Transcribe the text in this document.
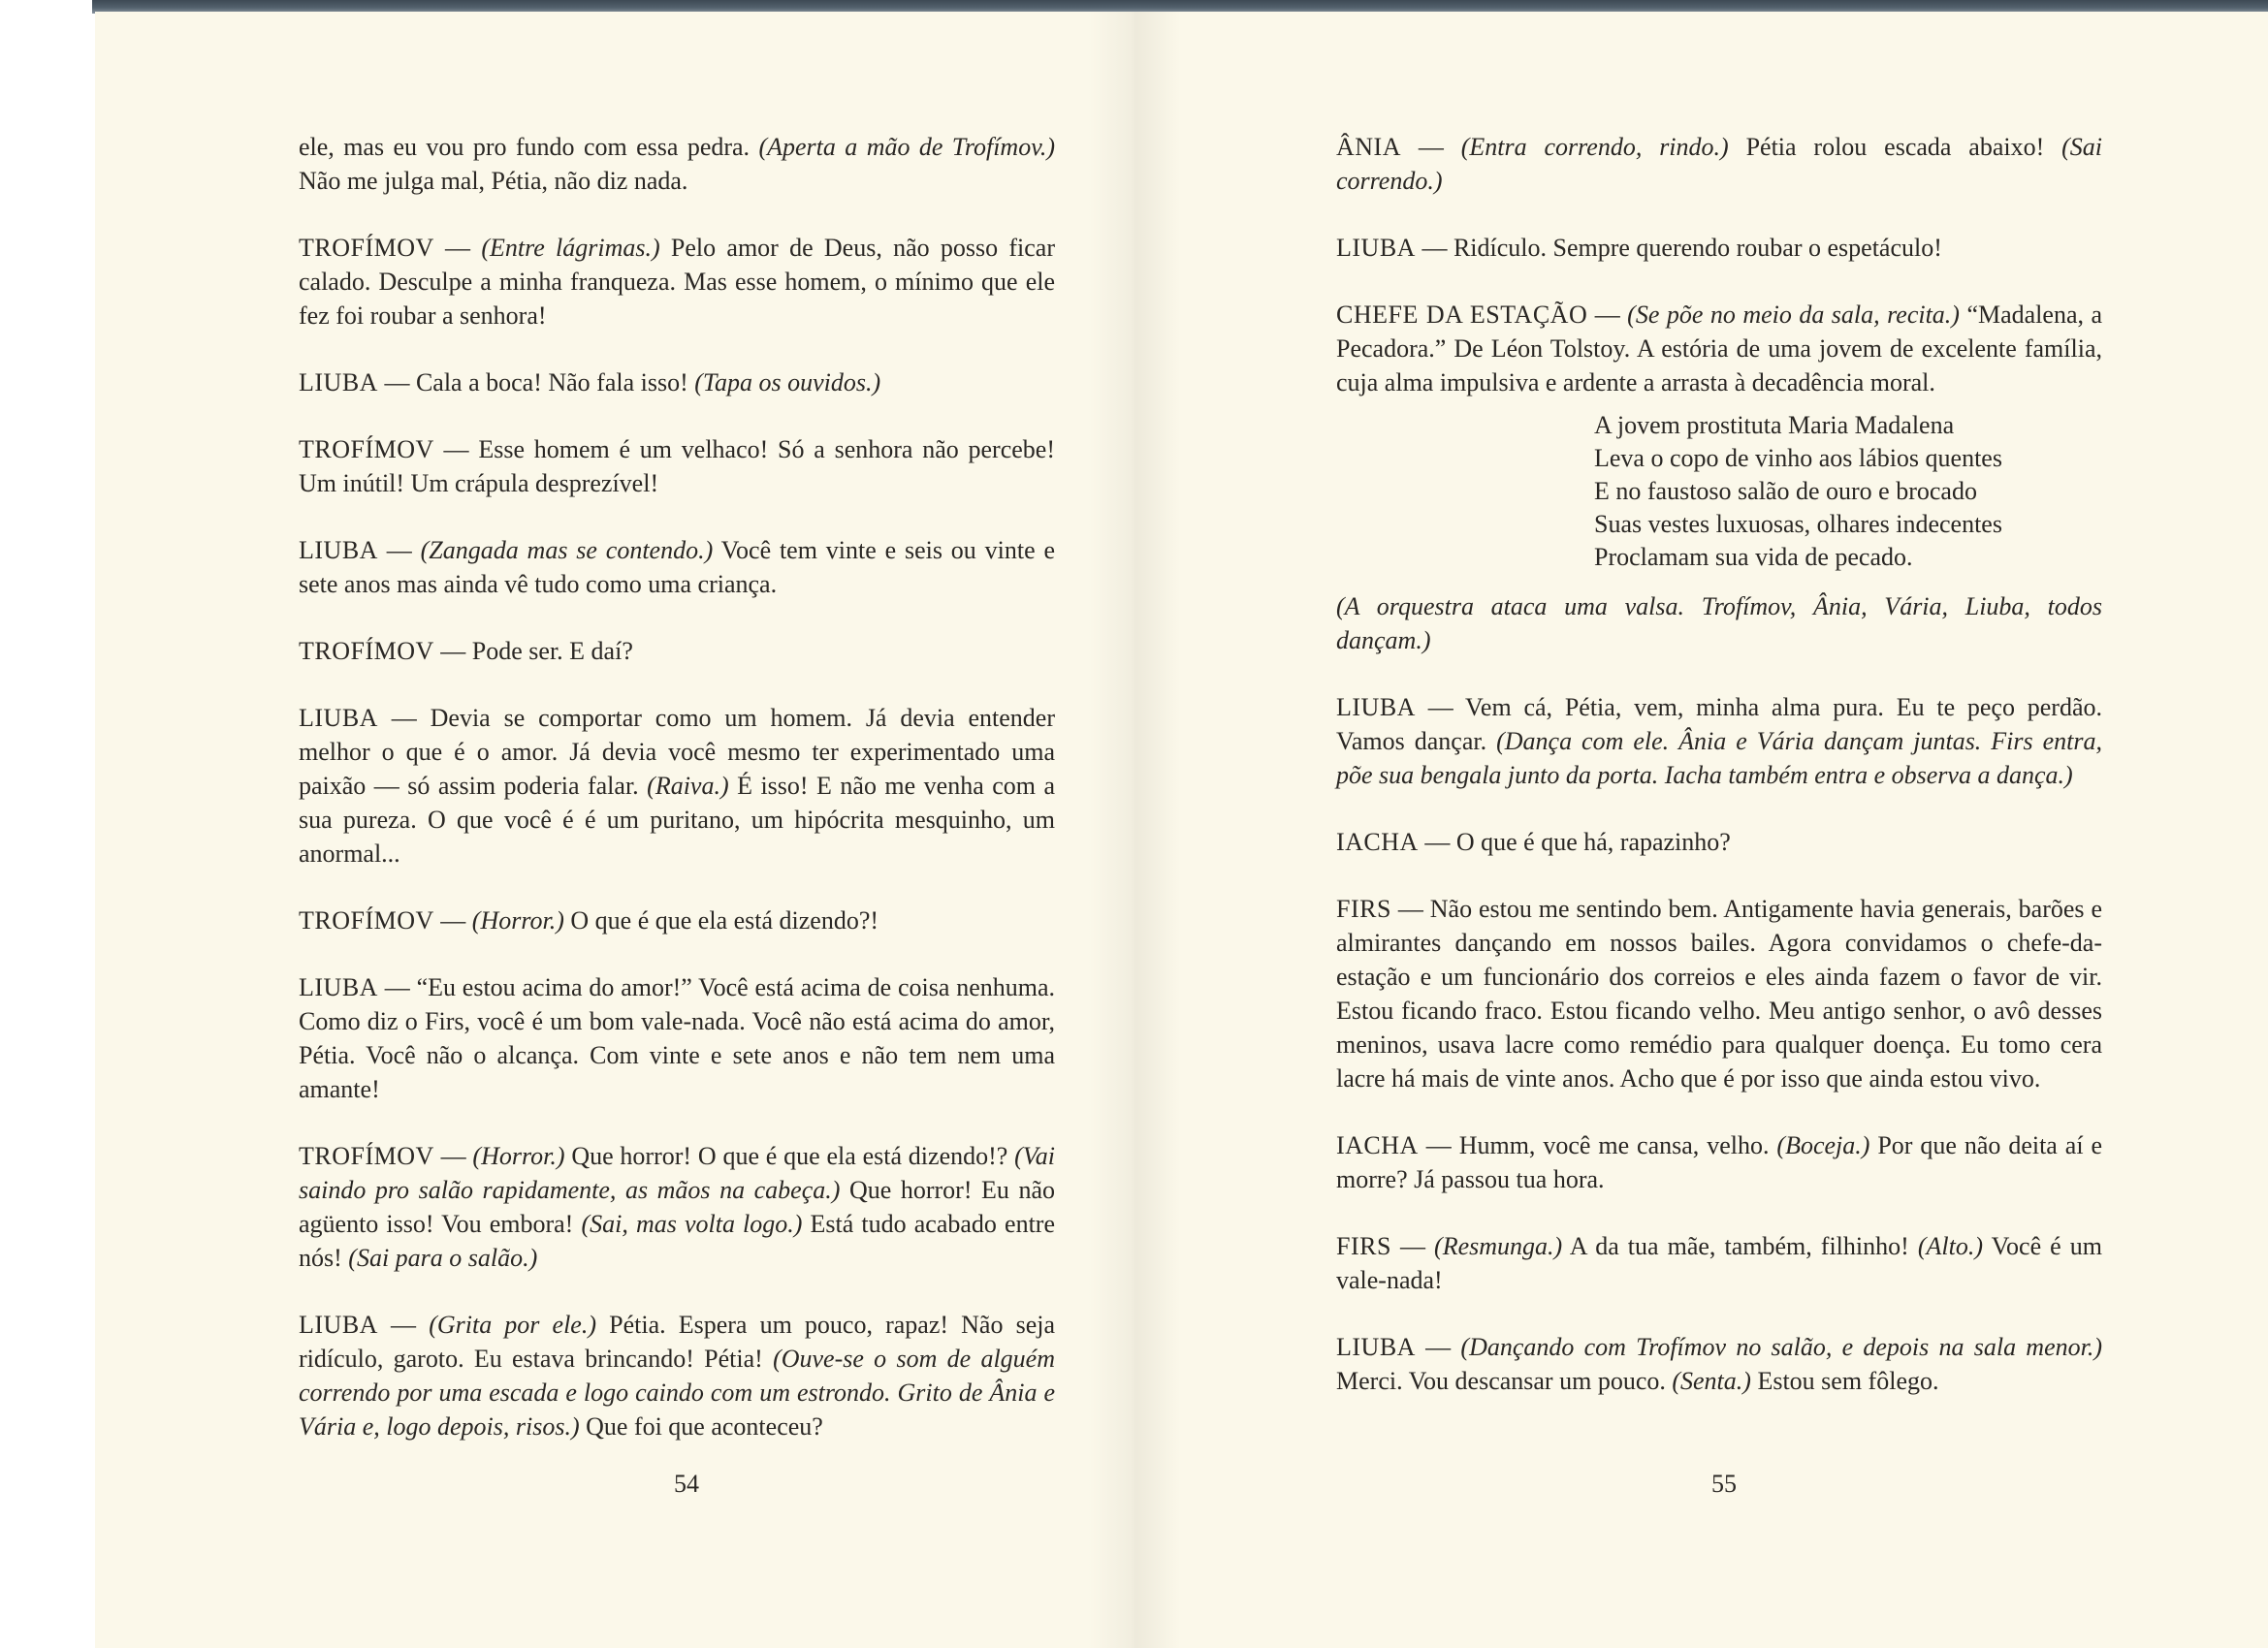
ele, mas eu vou pro fundo com essa pedra. (Aperta a mão de Trofímov.) Não me julga mal, Pétia, não diz nada.

TROFÍMOV — (Entre lágrimas.) Pelo amor de Deus, não posso ficar calado. Desculpe a minha franqueza. Mas esse homem, o mínimo que ele fez foi roubar a senhora!

LIUBA — Cala a boca! Não fala isso! (Tapa os ouvidos.)

TROFÍMOV — Esse homem é um velhaco! Só a senhora não percebe! Um inútil! Um crápula desprezível!

LIUBA — (Zangada mas se contendo.) Você tem vinte e seis ou vinte e sete anos mas ainda vê tudo como uma criança.

TROFÍMOV — Pode ser. E daí?

LIUBA — Devia se comportar como um homem. Já devia entender melhor o que é o amor. Já devia você mesmo ter experimentado uma paixão — só assim poderia falar. (Raiva.) É isso! E não me venha com a sua pureza. O que você é é um puritano, um hipócrita mesquinho, um anormal...

TROFÍMOV — (Horror.) O que é que ela está dizendo?!

LIUBA — “Eu estou acima do amor!” Você está acima de coisa nenhuma. Como diz o Firs, você é um bom vale-nada. Você não está acima do amor, Pétia. Você não o alcança. Com vinte e sete anos e não tem nem uma amante!

TROFÍMOV — (Horror.) Que horror! O que é que ela está dizendo!? (Vai saindo pro salão rapidamente, as mãos na cabeça.) Que horror! Eu não agüento isso! Vou embora! (Sai, mas volta logo.) Está tudo acabado entre nós! (Sai para o salão.)

LIUBA — (Grita por ele.) Pétia. Espera um pouco, rapaz! Não seja ridículo, garoto. Eu estava brincando! Pétia! (Ouve-se o som de alguém correndo por uma escada e logo caindo com um estrondo. Grito de Ânia e Vária e, logo depois, risos.) Que foi que aconteceu?

54

ÂNIA — (Entra correndo, rindo.) Pétia rolou escada abaixo! (Sai correndo.)

LIUBA — Ridículo. Sempre querendo roubar o espetáculo!

CHEFE DA ESTAÇÃO — (Se põe no meio da sala, recita.) “Madalena, a Pecadora.” De Léon Tolstoy. A estória de uma jovem de excelente família, cuja alma impulsiva e ardente a arrasta à decadência moral.

A jovem prostituta Maria Madalena
Leva o copo de vinho aos lábios quentes
E no faustoso salão de ouro e brocado
Suas vestes luxuosas, olhares indecentes
Proclamam sua vida de pecado.

(A orquestra ataca uma valsa. Trofímov, Ânia, Vária, Liuba, todos dançam.)

LIUBA — Vem cá, Pétia, vem, minha alma pura. Eu te peço perdão. Vamos dançar. (Dança com ele. Ânia e Vária dançam juntas. Firs entra, põe sua bengala junto da porta. Iacha também entra e observa a dança.)

IACHA — O que é que há, rapazinho?

FIRS — Não estou me sentindo bem. Antigamente havia generais, barões e almirantes dançando em nossos bailes. Agora convidamos o chefe-da-estação e um funcionário dos correios e eles ainda fazem o favor de vir. Estou ficando fraco. Estou ficando velho. Meu antigo senhor, o avô desses meninos, usava lacre como remédio para qualquer doença. Eu tomo cera lacre há mais de vinte anos. Acho que é por isso que ainda estou vivo.

IACHA — Humm, você me cansa, velho. (Boceja.) Por que não deita aí e morre? Já passou tua hora.

FIRS — (Resmunga.) A da tua mãe, também, filhinho! (Alto.) Você é um vale-nada!

LIUBA — (Dançando com Trofímov no salão, e depois na sala menor.) Merci. Vou descansar um pouco. (Senta.) Estou sem fôlego.

55
